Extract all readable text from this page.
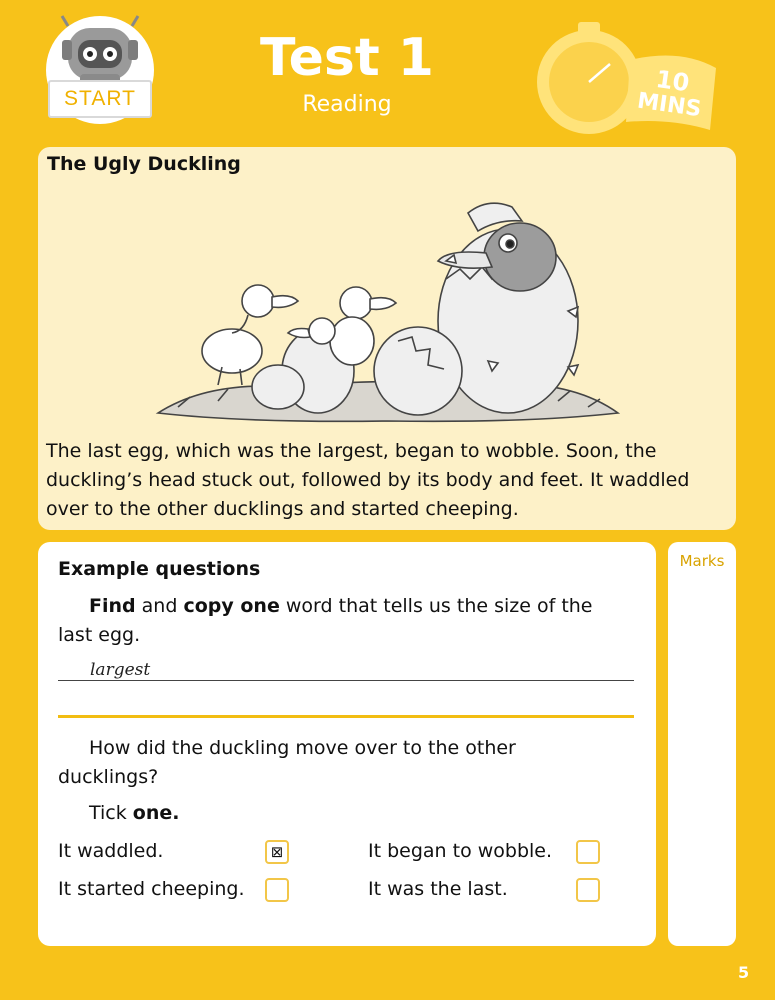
START
Test 1
Reading
10
MINS
The Ugly Duckling
The last egg, which was the largest, began to wobble. Soon, the duckling’s head stuck out, followed by its body and feet. It waddled over to the other ducklings and started cheeping.
Example questions
Find and copy one word that tells us the size of the last egg.
largest
How did the duckling move over to the other ducklings?
Tick one.
It waddled.	⊠	It began to wobble.
It started cheeping.	It was the last.
Marks
5
